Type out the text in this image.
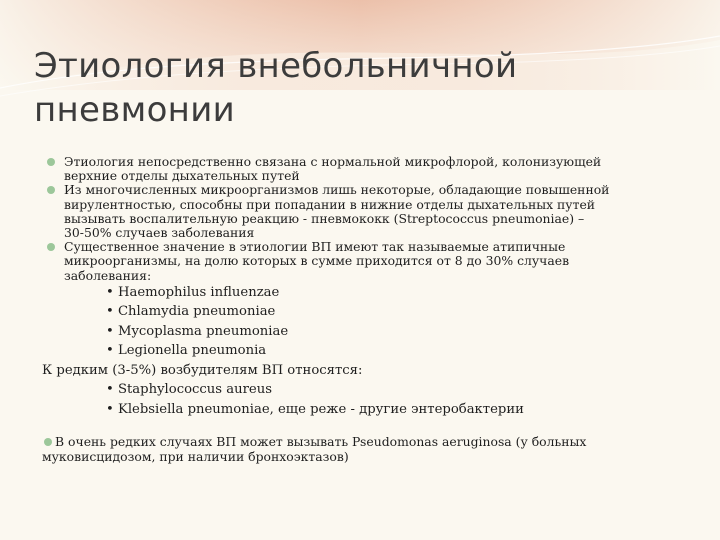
Этиология внебольничной
пневмонии
Этиология непосредственно связана с нормальной микрофлорой, колонизующей
верхние отделы дыхательных путей
Из многочисленных микроорганизмов лишь некоторые, обладающие повышенной
вирулентностью, способны при попадании в нижние отделы дыхательных путей
вызывать воспалительную реакцию - пневмококк (Streptococcus pneumoniae) –
30-50% случаев заболевания
Существенное значение в этиологии ВП имеют так называемые атипичные
микроорганизмы, на долю которых в сумме приходится от 8 до 30% случаев
заболевания:
• Haemophilus influenzae
• Chlamydia pneumoniae
• Mycoplasma pneumoniae
• Legionella pneumonia
К редким (3-5%) возбудителям ВП относятся:
• Staphylococcus aureus
• Klebsiella pneumoniae, еще реже - другие энтеробактерии
В очень редких случаях ВП может вызывать Pseudomonas aeruginosa (у больных
муковисцидозом, при наличии бронхоэктазов)
